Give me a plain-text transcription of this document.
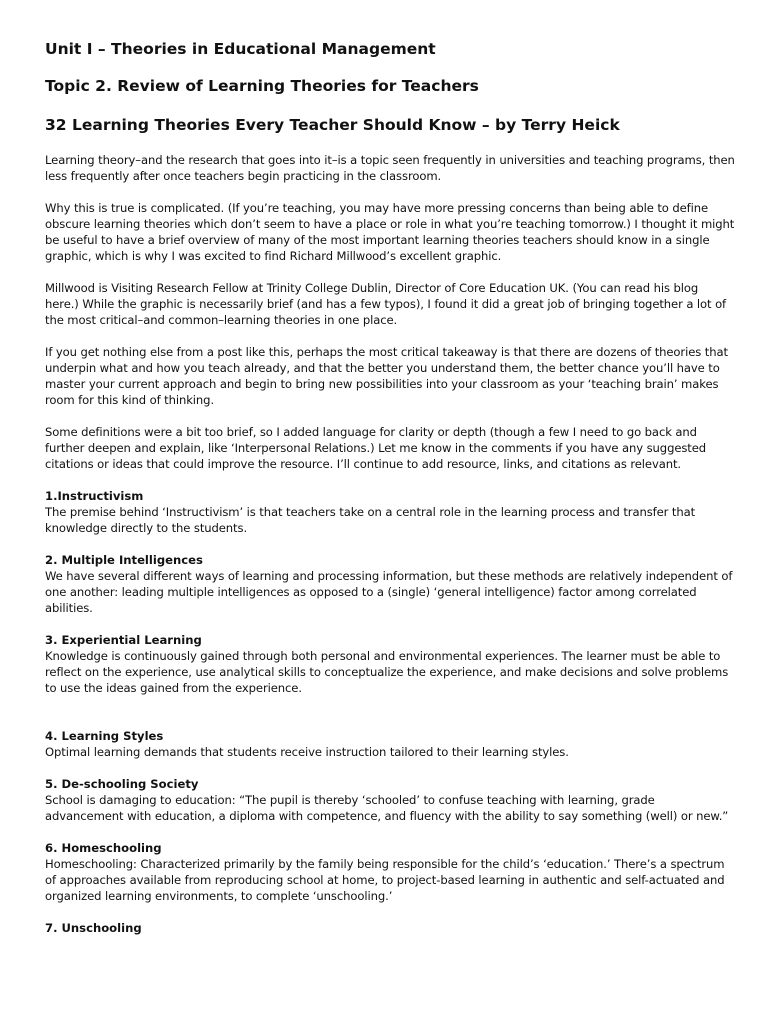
Unit I – Theories in Educational Management
Topic 2. Review of Learning Theories for Teachers
32 Learning Theories Every Teacher Should Know – by Terry Heick

Learning theory–and the research that goes into it–is a topic seen frequently in universities and teaching programs, then less frequently after once teachers begin practicing in the classroom.

Why this is true is complicated. (If you’re teaching, you may have more pressing concerns than being able to define obscure learning theories which don’t seem to have a place or role in what you’re teaching tomorrow.) I thought it might be useful to have a brief overview of many of the most important learning theories teachers should know in a single graphic, which is why I was excited to find Richard Millwood’s excellent graphic.

Millwood is Visiting Research Fellow at Trinity College Dublin, Director of Core Education UK. (You can read his blog here.) While the graphic is necessarily brief (and has a few typos), I found it did a great job of bringing together a lot of the most critical–and common–learning theories in one place.

If you get nothing else from a post like this, perhaps the most critical takeaway is that there are dozens of theories that underpin what and how you teach already, and that the better you understand them, the better chance you’ll have to master your current approach and begin to bring new possibilities into your classroom as your ‘teaching brain’ makes room for this kind of thinking.

Some definitions were a bit too brief, so I added language for clarity or depth (though a few I need to go back and further deepen and explain, like ‘Interpersonal Relations.) Let me know in the comments if you have any suggested citations or ideas that could improve the resource. I’ll continue to add resource, links, and citations as relevant.

1.Instructivism
The premise behind ‘Instructivism’ is that teachers take on a central role in the learning process and transfer that knowledge directly to the students.
2. Multiple Intelligences
We have several different ways of learning and processing information, but these methods are relatively independent of one another: leading multiple intelligences as opposed to a (single) ‘general intelligence) factor among correlated abilities.
3. Experiential Learning
Knowledge is continuously gained through both personal and environmental experiences. The learner must be able to reflect on the experience, use analytical skills to conceptualize the experience, and make decisions and solve problems to use the ideas gained from the experience.
4. Learning Styles
Optimal learning demands that students receive instruction tailored to their learning styles.
5. De-schooling Society
School is damaging to education: “The pupil is thereby ‘schooled’ to confuse teaching with learning, grade advancement with education, a diploma with competence, and fluency with the ability to say something (well) or new.”
6. Homeschooling
Homeschooling: Characterized primarily by the family being responsible for the child’s ‘education.’ There’s a spectrum of approaches available from reproducing school at home, to project-based learning in authentic and self-actuated and organized learning environments, to complete ‘unschooling.’
7. Unschooling
